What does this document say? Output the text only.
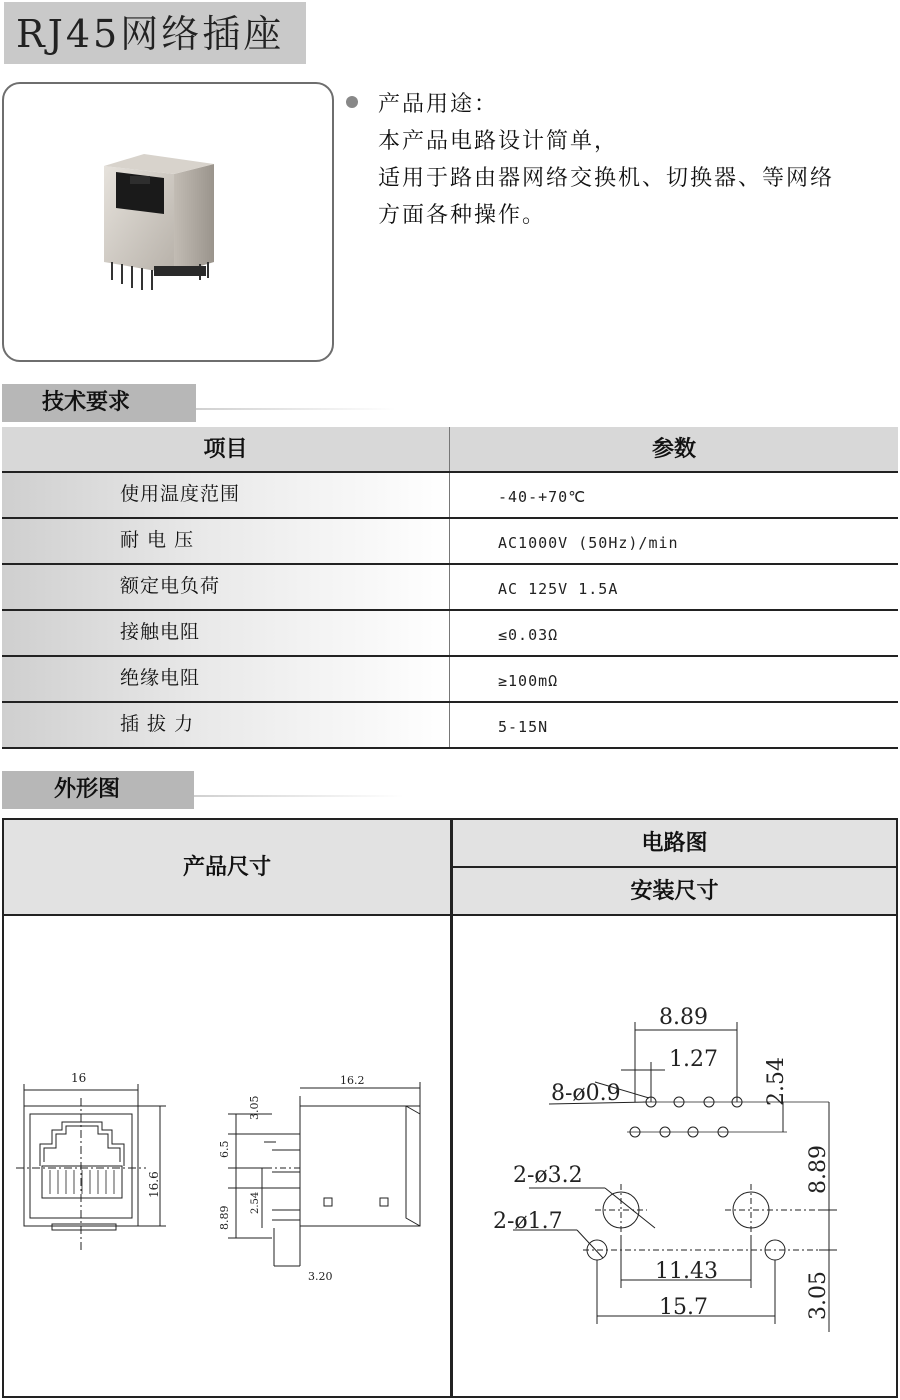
RJ45网络插座
产品用途：
本产品电路设计简单，
适用于路由器网络交换机、切换器、等网络
方面各种操作。
技术要求
项目	参数
使用温度范围	-40-+70℃
耐 电 压	AC1000V (50Hz)/min
额定电负荷	AC 125V 1.5A
接触电阻	≤0.03Ω
绝缘电阻	≥100mΩ
插 拔 力	5-15N
外形图
产品尺寸
电路图
安装尺寸
16
16.6
16.2
3.05
6.5
2.54
8.89
3.20
8.89
1.27 2.54
8-ø0.9
2-ø3.2
2-ø1.7
8.89
3.05
11.43
15.7
